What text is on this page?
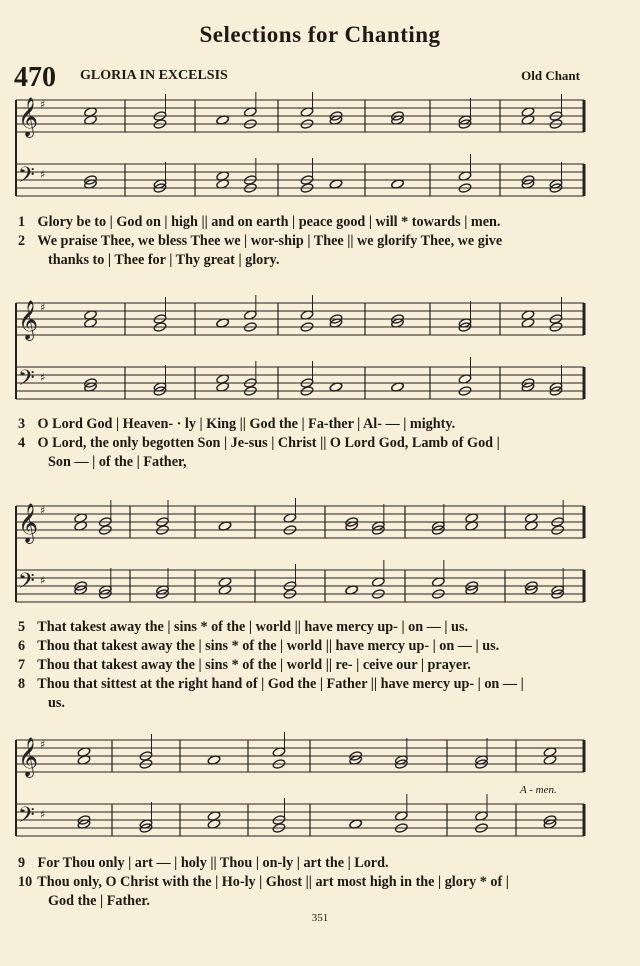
Selections for Chanting
470 GLORIA IN EXCELSIS	Old Chant
𝄞 ♯
𝄢 ♯
𝄞 ♯
𝄢 ♯
𝄞 ♯
𝄢 ♯
𝄞 ♯
𝄢 ♯
A - men.
1 Glory be to | God on | high || and on earth | peace good | will * towards | men.
2 We praise Thee, we bless Thee we | wor-ship | Thee || we glorify Thee, we give
thanks to | Thee for | Thy great | glory.
3 O Lord God | Heaven- · ly | King || God the | Fa-ther | Al- — | mighty.
4 O Lord, the only begotten Son | Je-sus | Christ || O Lord God, Lamb of God |
Son — | of the | Father,
5 That takest away the | sins * of the | world || have mercy up- | on — | us.
6 Thou that takest away the | sins * of the | world || have mercy up- | on — | us.
7 Thou that takest away the | sins * of the | world || re- | ceive our | prayer.
8 Thou that sittest at the right hand of | God the | Father || have mercy up- | on — |
us.
9 For Thou only | art — | holy || Thou | on-ly | art the | Lord.
10 Thou only, O Christ with the | Ho-ly | Ghost || art most high in the | glory * of |
God the | Father.
351
